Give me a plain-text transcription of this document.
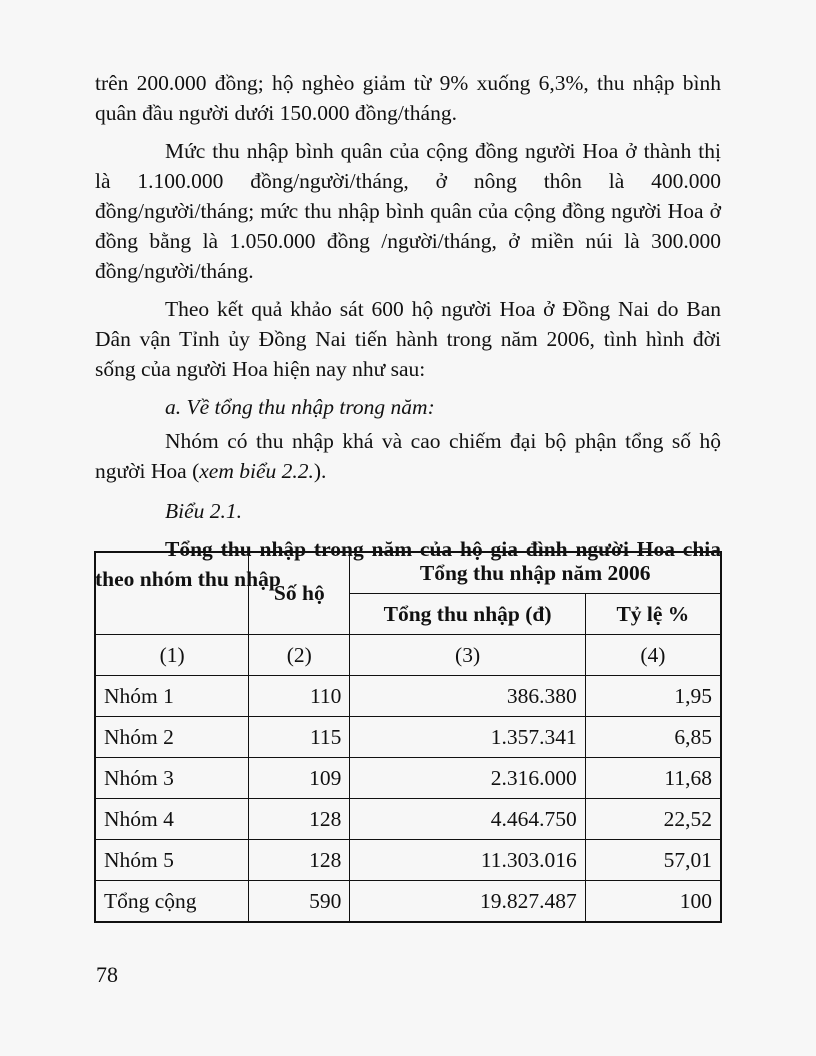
trên 200.000 đồng; hộ nghèo giảm từ 9% xuống 6,3%, thu nhập bình quân đầu người dưới 150.000 đồng/tháng.

Mức thu nhập bình quân của cộng đồng người Hoa ở thành thị là 1.100.000 đồng/người/tháng, ở nông thôn là 400.000 đồng/người/tháng; mức thu nhập bình quân của cộng đồng người Hoa ở đồng bằng là 1.050.000 đồng /người/tháng, ở miền núi là 300.000 đồng/người/tháng.

Theo kết quả khảo sát 600 hộ người Hoa ở Đồng Nai do Ban Dân vận Tỉnh ủy Đồng Nai tiến hành trong năm 2006, tình hình đời sống của người Hoa hiện nay như sau:

a. Về tổng thu nhập trong năm:

Nhóm có thu nhập khá và cao chiếm đại bộ phận tổng số hộ người Hoa (xem biểu 2.2.).

Biểu 2.1.

Tổng thu nhập trong năm của hộ gia đình người Hoa chia theo nhóm thu nhập

	Số hộ	Tổng thu nhập năm 2006	
		Tổng thu nhập (đ)	Tỷ lệ %
(1)	(2)	(3)	(4)
Nhóm 1	110	386.380	1,95
Nhóm 2	115	1.357.341	6,85
Nhóm 3	109	2.316.000	11,68
Nhóm 4	128	4.464.750	22,52
Nhóm 5	128	11.303.016	57,01
Tổng cộng	590	19.827.487	100
78
